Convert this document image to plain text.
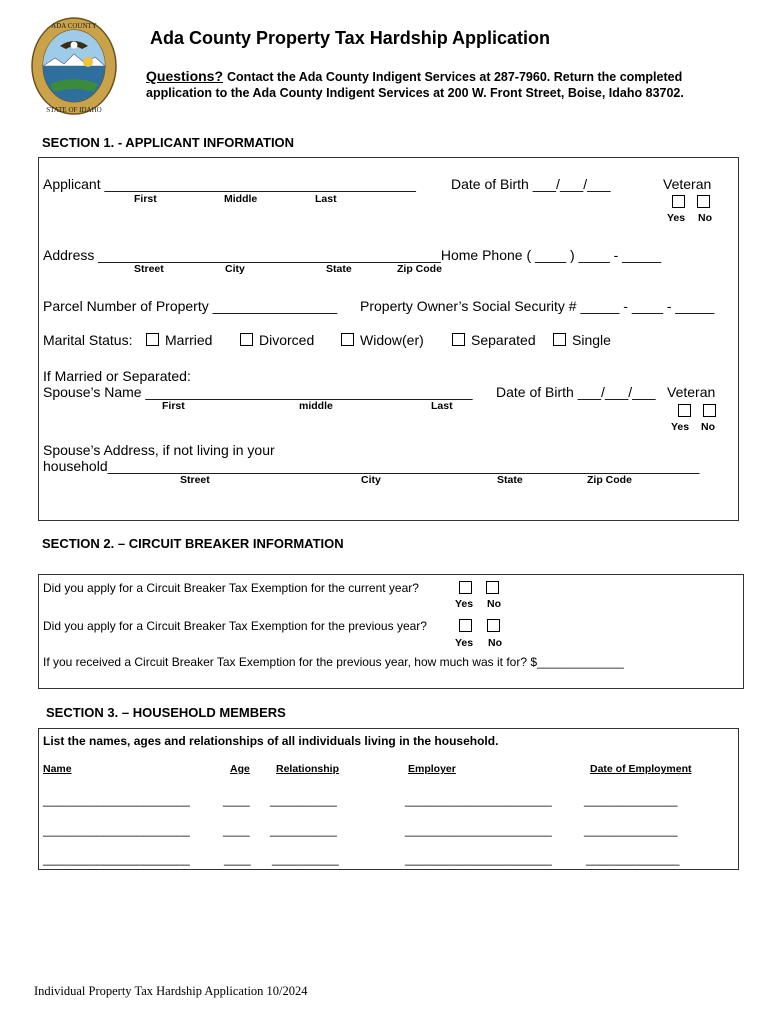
ADA COUNTY
STATE OF IDAHO
Ada County Property Tax Hardship Application
Questions? Contact the Ada County Indigent Services at 287-7960. Return the completed application to the Ada County Indigent Services at 200 W. Front Street, Boise, Idaho 83702.
SECTION 1. - APPLICANT INFORMATION
Applicant ________________________________________
First	Middle	Last
Date of Birth ___/___/___	Veteran
Yes No
Address ____________________________________________Home Phone ( ____ ) ____ - _____
Street	City	State	Zip Code
Parcel Number of Property ________________ Property Owner’s Social Security # _____ - ____ - _____
Marital Status:	Married	Divorced	Widow(er)	Separated	Single
If Married or Separated:
Spouse’s Name __________________________________________
First	middle	Last
Date of Birth ___/___/___ Veteran
Yes No
Spouse’s Address, if not living in your
household____________________________________________________________________________
Street	City	State	Zip Code
SECTION 2. – CIRCUIT BREAKER INFORMATION
Did you apply for a Circuit Breaker Tax Exemption for the current year?
Yes No
Did you apply for a Circuit Breaker Tax Exemption for the previous year?
Yes No
If you received a Circuit Breaker Tax Exemption for the previous year, how much was it for? $_____________
SECTION 3. – HOUSEHOLD MEMBERS
List the names, ages and relationships of all individuals living in the household.
Name	Age Relationship	Employer	Date of Employment
______________________	____ __________	______________________	______________
______________________	____ __________	______________________	______________
______________________	____ __________	______________________	______________
Individual Property Tax Hardship Application 10/2024
